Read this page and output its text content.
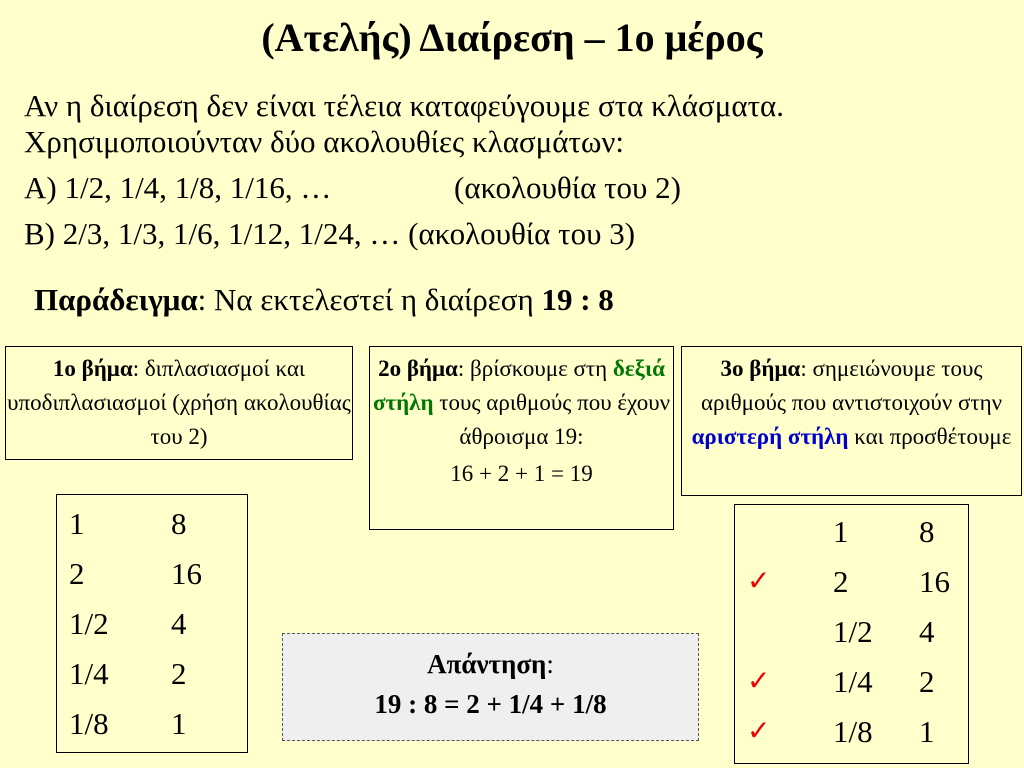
(Ατελής) Διαίρεση – 1ο μέρος
Αν η διαίρεση δεν είναι τέλεια καταφεύγουμε στα κλάσματα.
Χρησιμοποιούνταν δύο ακολουθίες κλασμάτων:
Α) 1/2, 1/4, 1/8, 1/16, …	(ακολουθία του 2)
Β) 2/3, 1/3, 1/6, 1/12, 1/24, … (ακολουθία του 3)
Παράδειγμα: Να εκτελεστεί η διαίρεση 19 : 8
1ο βήμα: διπλασιασμοί και υποδιπλασιασμοί (χρήση ακολουθίας του 2)
2ο βήμα: βρίσκουμε στη δεξιά στήλη τους αριθμούς που έχουν άθροισμα 19:
16 + 2 + 1 = 19
3ο βήμα: σημειώνουμε τους αριθμούς που αντιστοιχούν στην αριστερή στήλη και προσθέτουμε
1	8
2	16
1/2	4
1/4	2
1/8	1
Απάντηση:
19 : 8 = 2 + 1/4 + 1/8
	1	8
✓	2	16
	1/2	4
✓	1/4	2
✓	1/8	1
